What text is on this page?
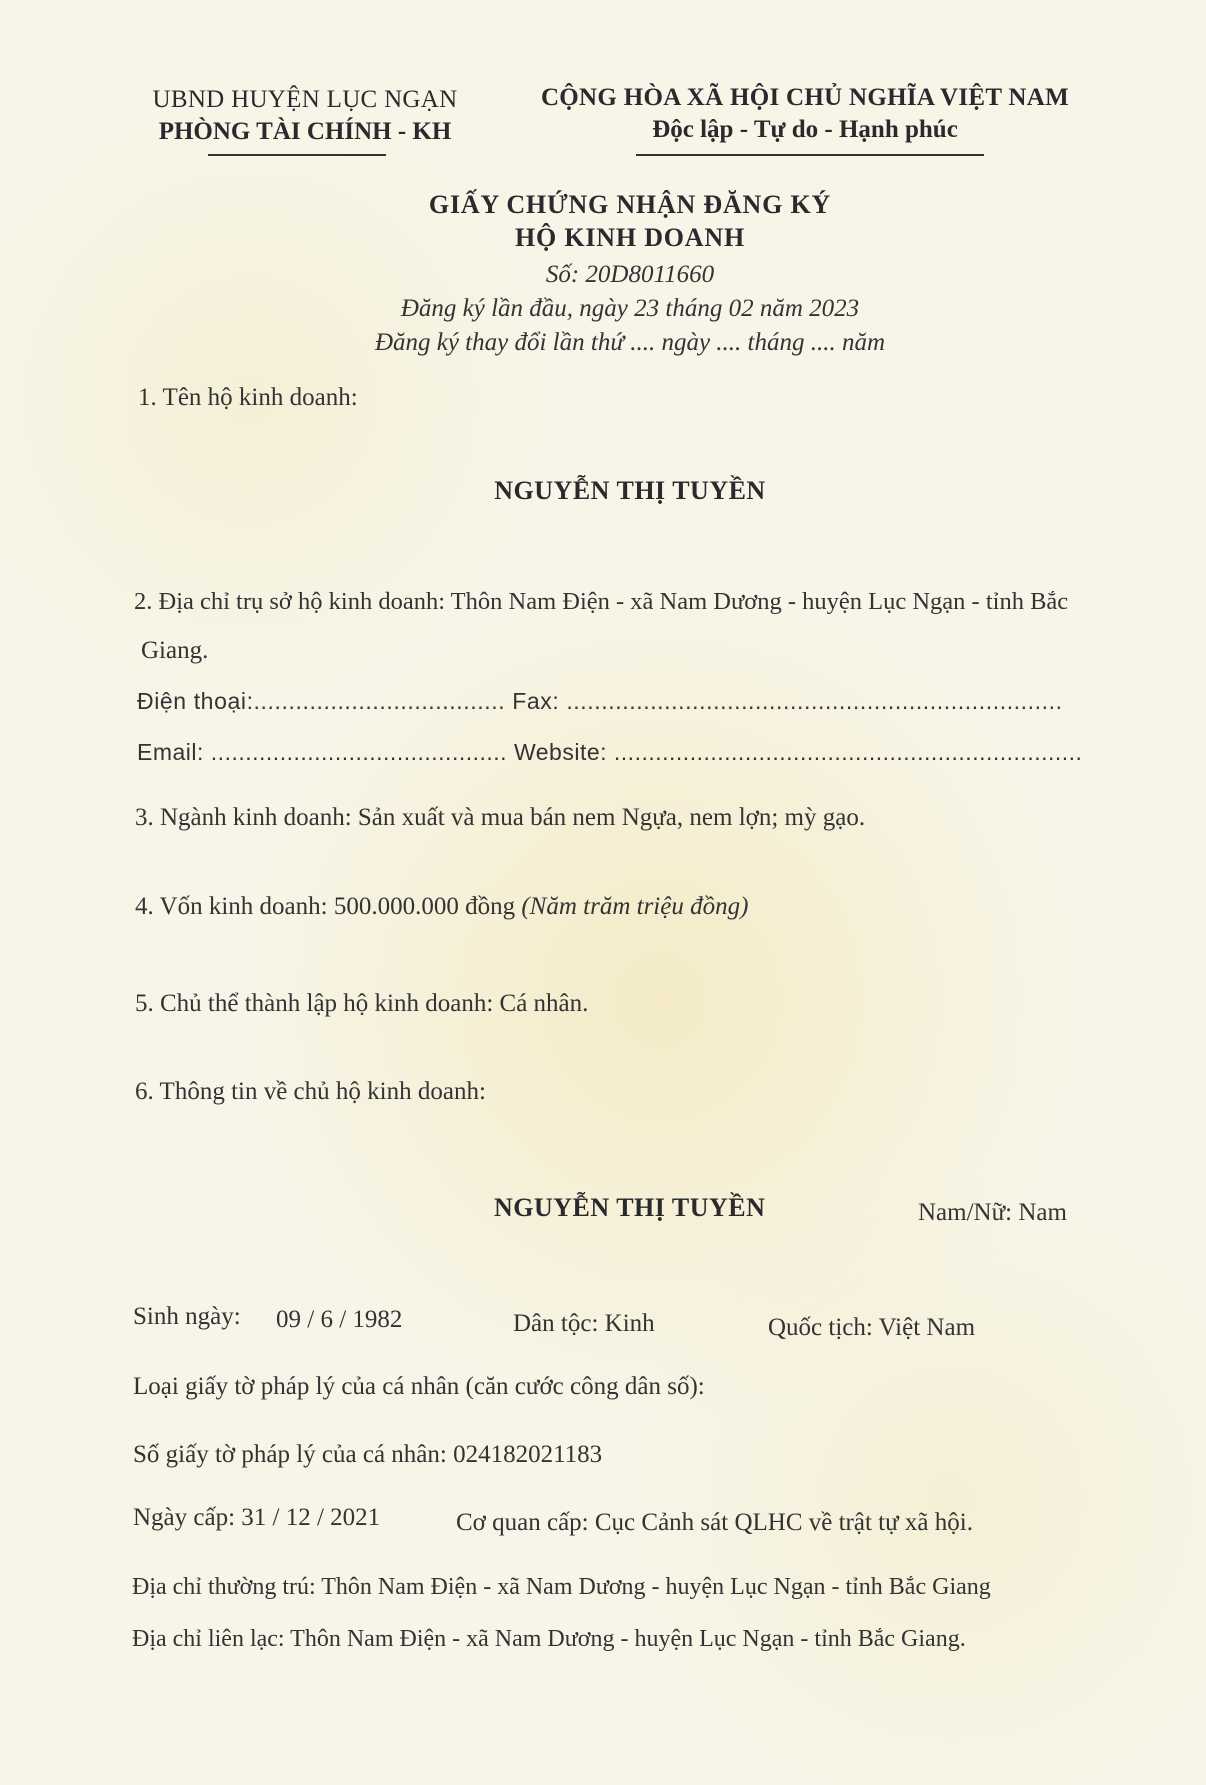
UBND HUYỆN LỤC NGẠN
PHÒNG TÀI CHÍNH - KH
CỘNG HÒA XÃ HỘI CHỦ NGHĨA VIỆT NAM
Độc lập - Tự do - Hạnh phúc
GIẤY CHỨNG NHẬN ĐĂNG KÝ
HỘ KINH DOANH
Số: 20D8011660
Đăng ký lần đầu, ngày 23 tháng 02 năm 2023
Đăng ký thay đổi lần thứ .... ngày .... tháng .... năm
1. Tên hộ kinh doanh:
NGUYỄN THỊ TUYỀN
2. Địa chỉ trụ sở hộ kinh doanh: Thôn Nam Điện - xã Nam Dương - huyện Lục Ngạn - tỉnh Bắc
Giang.
Điện thoại:.................................... Fax: .......................................................................
Email: ........................................... Website: ....................................................................
3. Ngành kinh doanh: Sản xuất và mua bán nem Ngựa, nem lợn; mỳ gạo.
4. Vốn kinh doanh: 500.000.000 đồng (Năm trăm triệu đồng)
5. Chủ thể thành lập hộ kinh doanh: Cá nhân.
6. Thông tin về chủ hộ kinh doanh:
NGUYỄN THỊ TUYỀN	Nam/Nữ: Nam
Sinh ngày: 09 / 6 / 1982	Dân tộc: Kinh	Quốc tịch: Việt Nam
Loại giấy tờ pháp lý của cá nhân (căn cước công dân số):
Số giấy tờ pháp lý của cá nhân: 024182021183
Ngày cấp: 31 / 12 / 2021	Cơ quan cấp: Cục Cảnh sát QLHC về trật tự xã hội.
Địa chỉ thường trú: Thôn Nam Điện - xã Nam Dương - huyện Lục Ngạn - tỉnh Bắc Giang
Địa chỉ liên lạc: Thôn Nam Điện - xã Nam Dương - huyện Lục Ngạn - tỉnh Bắc Giang.
